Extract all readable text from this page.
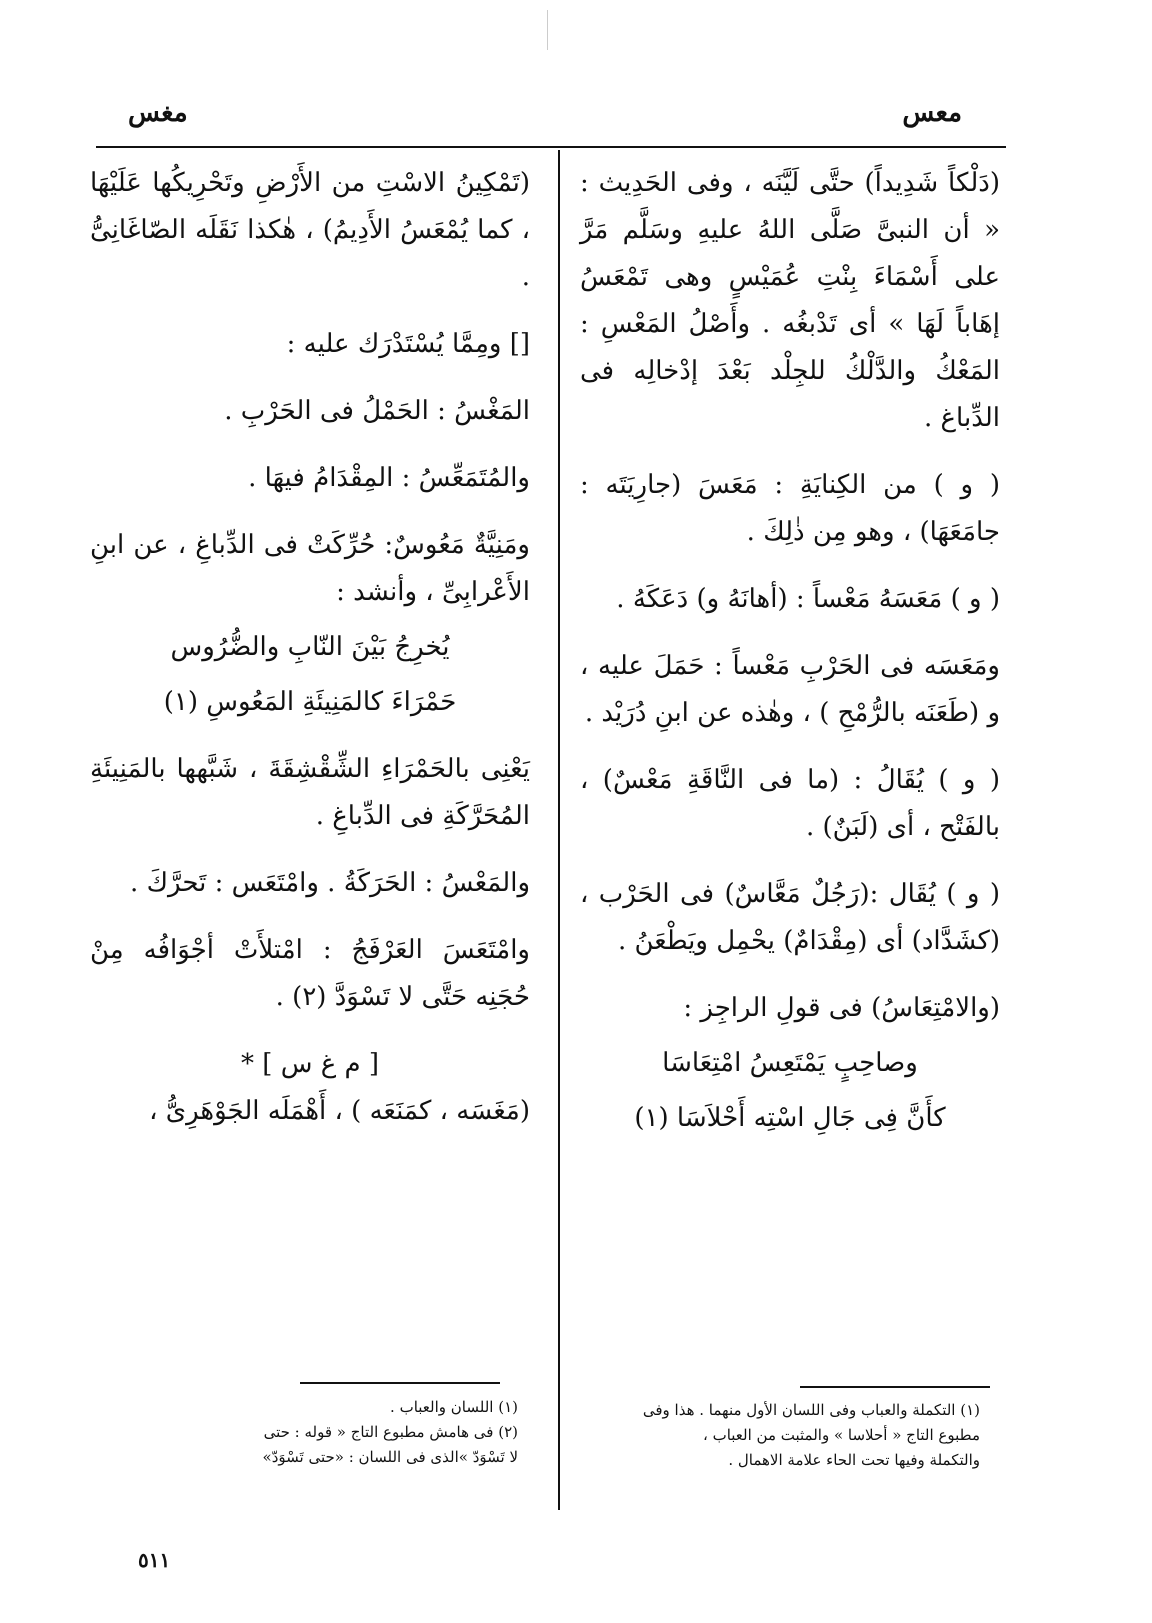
معس
مغس

(دَلْكاً شَدِيداً) حتَّى لَيَّنَه ، وفى الحَدِيث : « أن النبىَّ صَلَّى اللهُ عليهِ وسَلَّم مَرَّ على أَسْمَاءَ بِنْتِ عُمَيْسٍ وهى تَمْعَسُ إهَاباً لَهَا » أى تَدْبغُه . وأَصْلُ المَعْسِ : المَعْكُ والدَّلْكُ للجِلْد بَعْدَ إدْخالِه فى الدِّباغ .

( و ) من الكِنايَةِ : مَعَسَ (جارِيَتَه : جامَعَهَا) ، وهو مِن ذٰلِكَ .

( و ) مَعَسَهُ مَعْساً : (أهانَهُ و) دَعَكَهُ .

ومَعَسَه فى الحَرْبِ مَعْساً : حَمَلَ عليه ، و (طَعَنَه بالرُّمْحِ ) ، وهٰذه عن ابنِ دُرَيْد .

( و ) يُقَالُ : (ما فى النَّاقَةِ مَعْسٌ) ، بالفَتْح ، أى (لَبَنٌ) .

( و ) يُقَال :(رَجُلٌ مَعَّاسٌ) فى الحَرْب ، (كشَدَّاد) أى (مِقْدَامٌ) يحْمِل ويَطْعَنُ .

(والامْتِعَاسُ) فى قولِ الراجِز :

وصاحِبٍ يَمْتَعِسُ امْتِعَاسَا
كأَنَّ فِى جَالِ اسْتِه أَحْلاَسَا (١)

(تَمْكِينُ الاسْتِ من الأَرْضِ وتَحْرِيكُها عَلَيْهَا ، كما يُمْعَسُ الأَدِيمُ) ، هٰكذا نَقَلَه الصّاغَانِىُّ .

[] ومِمَّا يُسْتَدْرَك عليه :

المَغْسُ : الحَمْلُ فى الحَرْبِ .

والمُتَمَعِّسُ : المِقْدَامُ فيهَا .

ومَنِيَّةٌ مَعُوسٌ: حُرِّكَتْ فى الدِّباغِ ، عن ابنِ الأَعْرابِىِّ ، وأنشد :

يُخرِجُ بَيْنَ النّابِ والضُّرُوس
حَمْرَاءَ كالمَنِيئَةِ المَعُوسِ (١)

يَعْنِى بالحَمْرَاءِ الشِّقْشِقَةَ ، شَبَّهها بالمَنِيئَةِ المُحَرَّكَةِ فى الدِّباغِ .

والمَعْسُ : الحَرَكَةُ . وامْتَعَس : تَحرَّكَ .

وامْتَعَسَ العَرْفَجُ : امْتلأَتْ أجْوَافُه مِنْ حُجَنِه حَتَّى لا تَسْوَدَّ (٢) .

[ م غ س ] *

(مَغَسَه ، كمَنَعَه ) ، أَهْمَلَه الجَوْهَرِىُّ ،

(١) التكملة والعباب وفى اللسان الأول منهما . هذا وفى

مطبوع التاج « أحلاسا » والمثبت من العباب ،

والتكملة وفيها تحت الحاء علامة الاهمال .

(١) اللسان والعباب .

(٢) فى هامش مطبوع التاج « قوله : حتى

لا تَسْوَدّ »الذى فى اللسان : «حتى تَسْوَدّ»

٥١١
